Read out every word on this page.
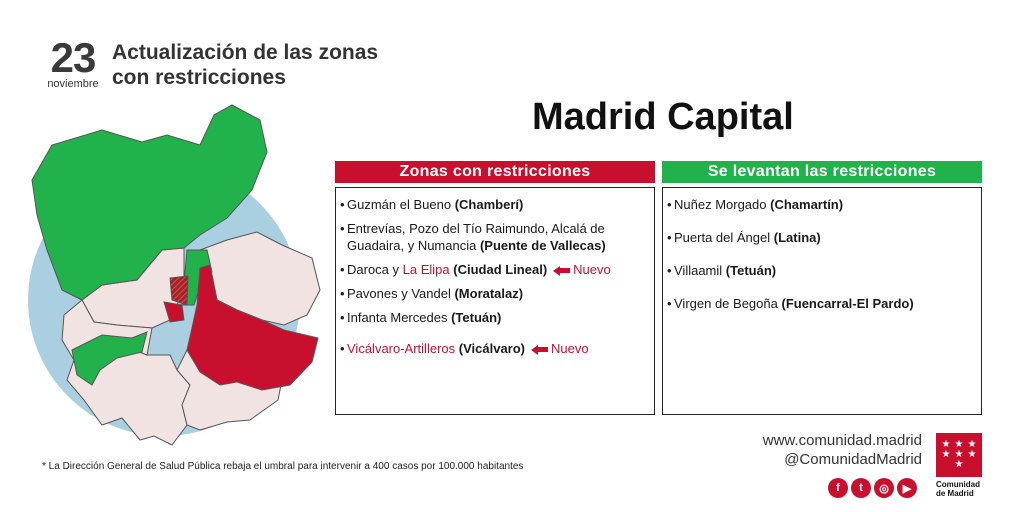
23
noviembre
Actualización de las zonas
con restricciones
Madrid Capital
Zonas con restricciones
• Guzmán el Bueno (Chamberí)
• Entrevías, Pozo del Tío Raimundo, Alcalá de Guadaira, y Numancia (Puente de Vallecas)
• Daroca y La Elipa (Ciudad Lineal) Nuevo
• Pavones y Vandel (Moratalaz)
• Infanta Mercedes (Tetuán)
• Vicálvaro-Artilleros (Vicálvaro) Nuevo
Se levantan las restricciones
• Nuñez Morgado (Chamartín)
• Puerta del Ángel (Latina)
• Villaamil (Tetuán)
• Virgen de Begoña (Fuencarral-El Pardo)
* La Dirección General de Salud Pública rebaja el umbral para intervenir a 400 casos por 100.000 habitantes
www.comunidad.madrid
@ComunidadMadrid
f	t	◎	▶
★ ★ ★
★ ★ ★
★
Comunidad
de Madrid
